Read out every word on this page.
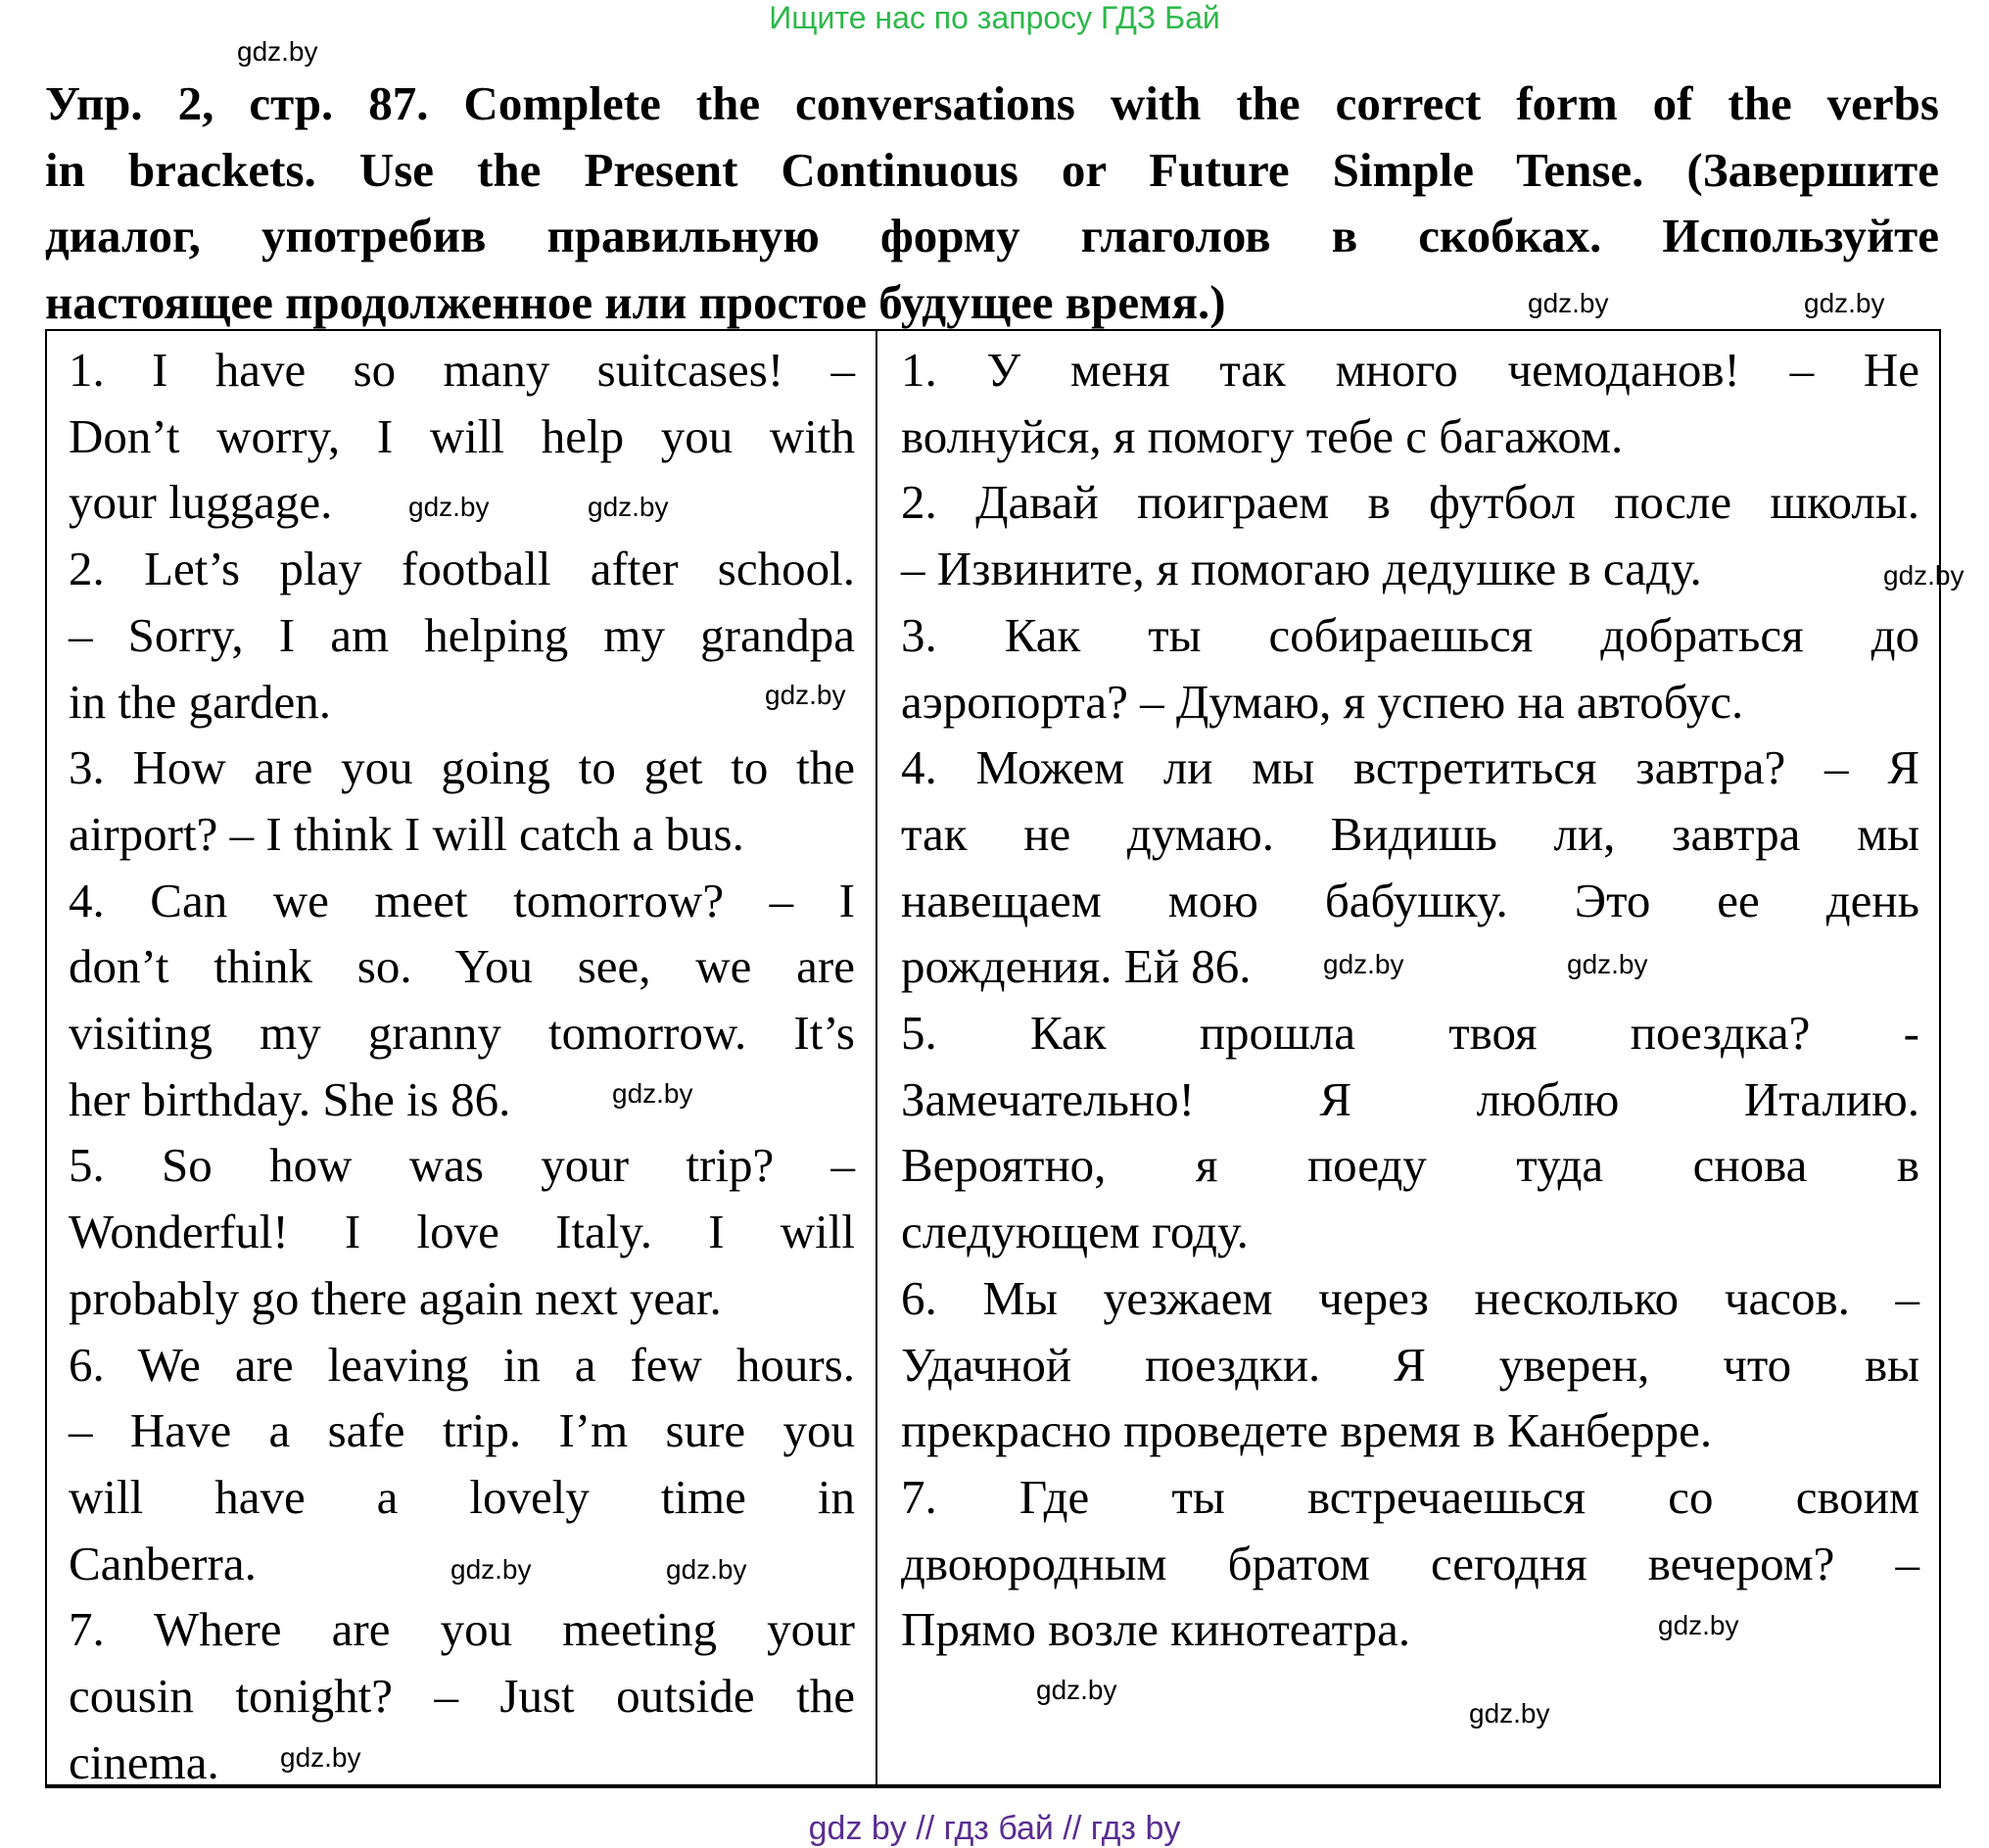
Ищите нас по запросу ГДЗ Бай
Упр. 2, стр. 87. Complete the conversations with the correct form of the verbs
in brackets. Use the Present Continuous or Future Simple Tense. (Завершите
диалог, употребив правильную форму глаголов в скобках. Используйте
настоящее продолженное или простое будущее время.)
1. I have so many suitcases! –
Don’t worry, I will help you with
your luggage.
2. Let’s play football after school.
– Sorry, I am helping my grandpa
in the garden.
3. How are you going to get to the
airport? – I think I will catch a bus.
4. Can we meet tomorrow? – I
don’t think so. You see, we are
visiting my granny tomorrow. It’s
her birthday. She is 86.
5. So how was your trip? –
Wonderful! I love Italy. I will
probably go there again next year.
6. We are leaving in a few hours.
– Have a safe trip. I’m sure you
will have a lovely time in
Canberra.
7. Where are you meeting your
cousin tonight? – Just outside the
cinema.
1. У меня так много чемоданов! – Не
волнуйся, я помогу тебе с багажом.
2. Давай поиграем в футбол после школы.
– Извините, я помогаю дедушке в саду.
3. Как ты собираешься добраться до
аэропорта? – Думаю, я успею на автобус.
4. Можем ли мы встретиться завтра? – Я
так не думаю. Видишь ли, завтра мы
навещаем мою бабушку. Это ее день
рождения. Ей 86.
5. Как прошла твоя поездка? -
Замечательно! Я люблю Италию.
Вероятно, я поеду туда снова в
следующем году.
6. Мы уезжаем через несколько часов. –
Удачной поездки. Я уверен, что вы
прекрасно проведете время в Канберре.
7. Где ты встречаешься со своим
двоюродным братом сегодня вечером? –
Прямо возле кинотеатра.
gdz.by
gdz.by	gdz.by
gdz.by
gdz.by
gdz.by
gdz.by
gdz.by
gdz.by
gdz.by
gdz.by
gdz.by
gdz.by
gdz.by
gdz.by
gdz.by
gdz by // гдз бай // гдз by
